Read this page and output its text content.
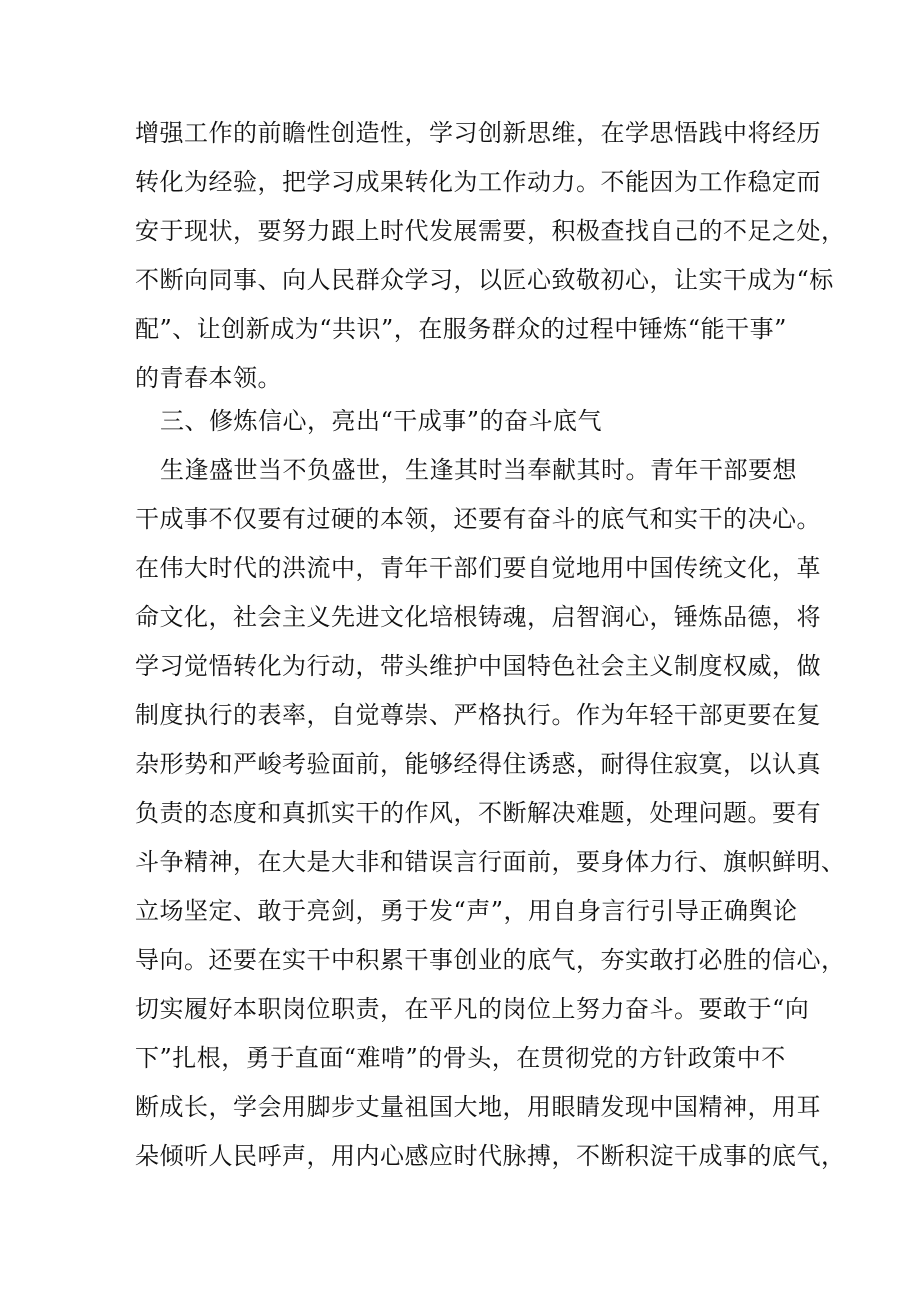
增强工作的前瞻性创造性，学习创新思维，在学思悟践中将经历
转化为经验，把学习成果转化为工作动力。不能因为工作稳定而
安于现状，要努力跟上时代发展需要，积极查找自己的不足之处，
不断向同事、向人民群众学习，以匠心致敬初心，让实干成为“标
配”、让创新成为“共识”，在服务群众的过程中锤炼“能干事”
的青春本领。
三、修炼信心，亮出“干成事”的奋斗底气
生逢盛世当不负盛世，生逢其时当奉献其时。青年干部要想
干成事不仅要有过硬的本领，还要有奋斗的底气和实干的决心。
在伟大时代的洪流中，青年干部们要自觉地用中国传统文化，革
命文化，社会主义先进文化培根铸魂，启智润心，锤炼品德，将
学习觉悟转化为行动，带头维护中国特色社会主义制度权威，做
制度执行的表率，自觉尊崇、严格执行。作为年轻干部更要在复
杂形势和严峻考验面前，能够经得住诱惑，耐得住寂寞，以认真
负责的态度和真抓实干的作风，不断解决难题，处理问题。要有
斗争精神，在大是大非和错误言行面前，要身体力行、旗帜鲜明、
立场坚定、敢于亮剑，勇于发“声”，用自身言行引导正确舆论
导向。还要在实干中积累干事创业的底气，夯实敢打必胜的信心，
切实履好本职岗位职责，在平凡的岗位上努力奋斗。要敢于“向
下”扎根，勇于直面“难啃”的骨头，在贯彻党的方针政策中不
断成长，学会用脚步丈量祖国大地，用眼睛发现中国精神，用耳
朵倾听人民呼声，用内心感应时代脉搏，不断积淀干成事的底气，
